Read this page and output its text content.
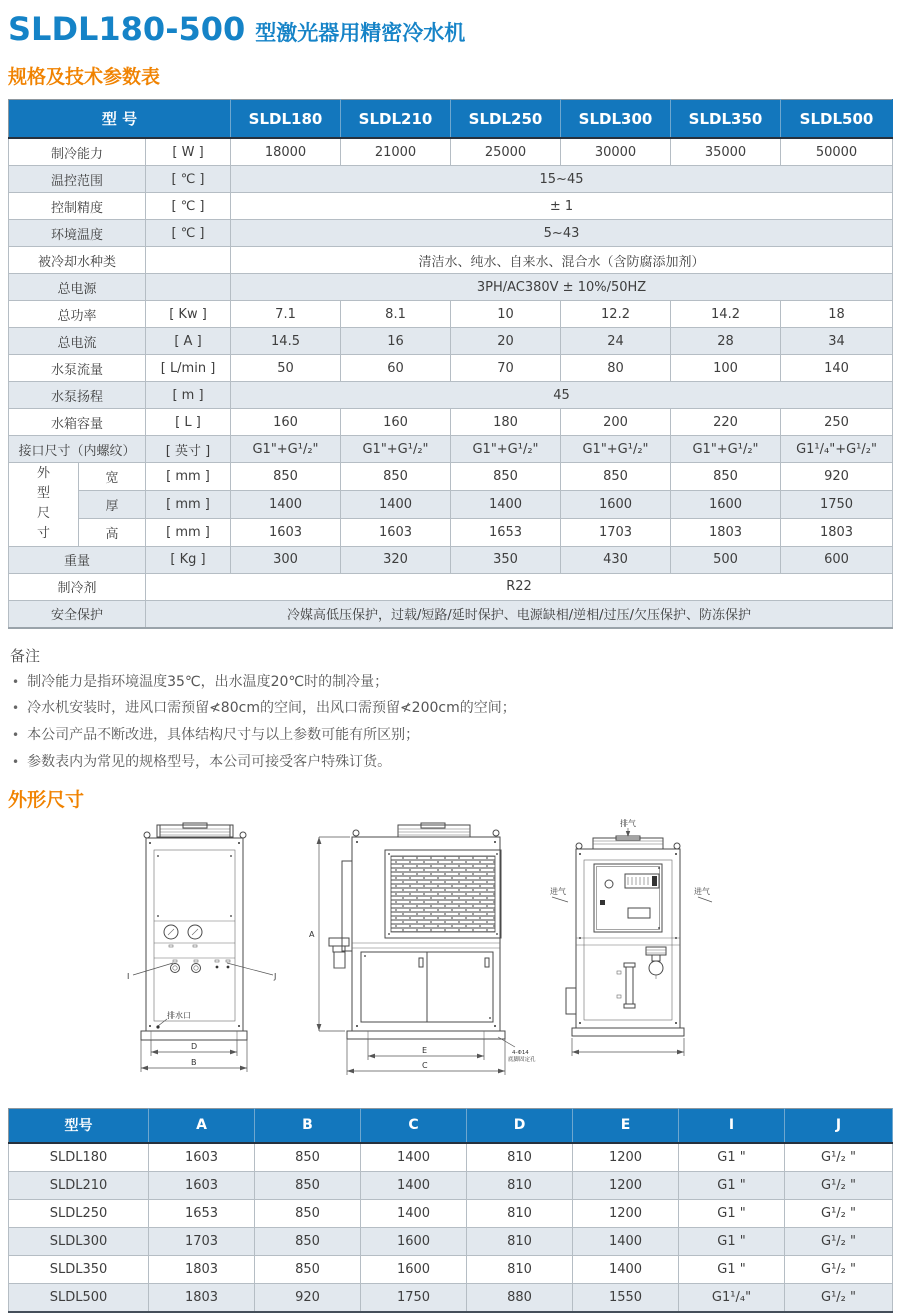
SLDL180-500 型激光器用精密冷水机
规格及技术参数表
型 号			SLDL180	SLDL210	SLDL250	SLDL300	SLDL350	SLDL500
制冷能力		[ W ]	18000	21000	25000	30000	35000	50000
温控范围		[ ℃ ]	15~45					
控制精度		[ ℃ ]	± 1					
环境温度		[ ℃ ]	5~43					
被冷却水种类			清洁水、纯水、自来水、混合水（含防腐添加剂）					
总电源			3PH/AC380V ± 10%/50HZ					
总功率		[ Kw ]	7.1	8.1	10	12.2	14.2	18
总电流		[ A ]	14.5	16	20	24	28	34
水泵流量		[ L/min ]	50	60	70	80	100	140
水泵扬程		[ m ]	45					
水箱容量		[ L ]	160	160	180	200	220	250
接口尺寸（内螺纹）		[ 英寸 ]	G1"+G¹/₂"	G1"+G¹/₂"	G1"+G¹/₂"	G1"+G¹/₂"	G1"+G¹/₂"	G1¹/₄"+G¹/₂"

外型尺寸	宽	[ mm ]	850	850	850	850	850	920
	厚	[ mm ]	1400	1400	1400	1600	1600	1750
	高	[ mm ]	1603	1603	1653	1703	1803	1803
重量		[ Kg ]	300	320	350	430	500	600
制冷剂		R22						
安全保护		冷媒高低压保护，过载/短路/延时保护、电源缺相/逆相/过压/欠压保护、防冻保护						
备注
• 制冷能力是指环境温度35℃，出水温度20℃时的制冷量；
• 冷水机安装时，进风口需预留≮80cm的空间，出风口需预留≮200cm的空间；
• 本公司产品不断改进，具体结构尺寸与以上参数可能有所区别；
• 参数表内为常见的规格型号，本公司可接受客户特殊订货。
外形尺寸
I	J
排水口
D
B
A
4-Φ14
底脚固定孔
E
C
排气
进气	进气
型号	A	B	C	D	E	I	J
SLDL180	1603	850	1400	810	1200	G1 "	G¹/₂ "
SLDL210	1603	850	1400	810	1200	G1 "	G¹/₂ "
SLDL250	1653	850	1400	810	1200	G1 "	G¹/₂ "
SLDL300	1703	850	1600	810	1400	G1 "	G¹/₂ "
SLDL350	1803	850	1600	810	1400	G1 "	G¹/₂ "
SLDL500	1803	920	1750	880	1550	G1¹/₄"	G¹/₂ "
